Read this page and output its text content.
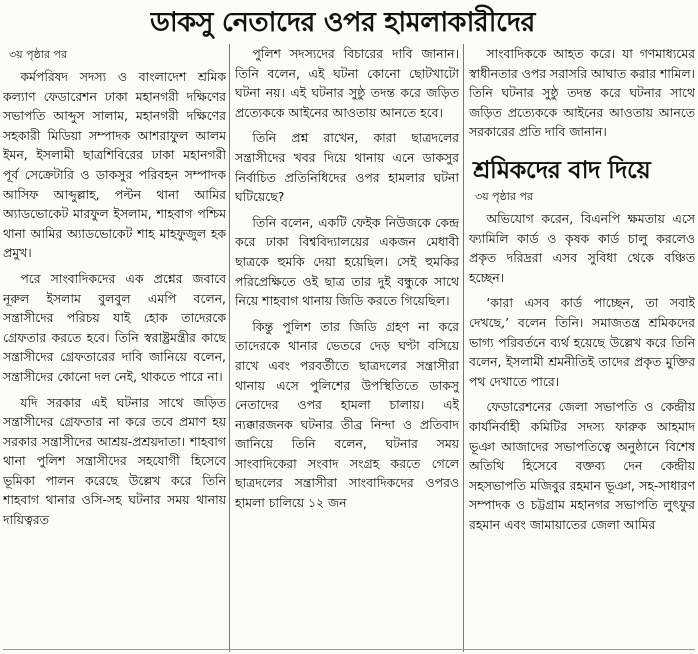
ডাকসু নেতাদের ওপর হামলাকারীদের
৩য় পৃষ্ঠার পর

কর্মপরিষদ সদস্য ও বাংলাদেশ শ্রমিক কল্যাণ ফেডারেশন ঢাকা মহানগরী দক্ষিণের সভাপতি আব্দুস সালাম, মহানগরী দক্ষিণের সহকারী মিডিয়া সম্পাদক আশরাফুল আলম ইমন, ইসলামী ছাত্রশিবিরের ঢাকা মহানগরী পূর্ব সেক্রেটারি ও ডাকসুর পরিবহন সম্পাদক আসিফ আব্দুল্লাহ, পল্টন থানা আমির অ্যাডভোকেট মারফুল ইসলাম, শাহবাগ পশ্চিম থানা আমির অ্যাডভোকেট শাহ মাহফুজুল হক প্রমুখ।

পরে সাংবাদিকদের এক প্রশ্নের জবাবে নূরুল ইসলাম বুলবুল এমপি বলেন, সন্ত্রাসীদের পরিচয় যাই হোক তাদেরকে গ্রেফতার করতে হবে। তিনি স্বরাষ্ট্রমন্ত্রীর কাছে সন্ত্রাসীদের গ্রেফতারের দাবি জানিয়ে বলেন, সন্ত্রাসীদের কোনো দল নেই, থাকতে পারে না।

যদি সরকার এই ঘটনার সাথে জড়িত সন্ত্রাসীদের গ্রেফতার না করে তবে প্রমাণ হয় সরকার সন্ত্রাসীদের আশ্রয়-প্রশ্রয়দাতা। শাহবাগ থানা পুলিশ সন্ত্রাসীদের সহযোগী হিসেবে ভূমিকা পালন করেছে উল্লেখ করে তিনি শাহবাগ থানার ওসি-সহ ঘটনার সময় থানায় দায়িত্বরত

পুলিশ সদস্যদের বিচারের দাবি জানান। তিনি বলেন, এই ঘটনা কোনো ছোটখাটো ঘটনা নয়। এই ঘটনার সুষ্ঠু তদন্ত করে জড়িত প্রত্যেককে আইনের আওতায় আনতে হবে।

তিনি প্রশ্ন রাখেন, কারা ছাত্রদলের সন্ত্রাসীদের খবর দিয়ে থানায় এনে ডাকসুর নির্বাচিত প্রতিনিধিদের ওপর হামলার ঘটনা ঘটিয়েছে?

তিনি বলেন, একটি ফেইক নিউজকে কেন্দ্র করে ঢাকা বিশ্ববিদ্যালয়ের একজন মেধাবী ছাত্রকে হুমকি দেয়া হয়েছিল। সেই হুমকির পরিপ্রেক্ষিতে ওই ছাত্র তার দুই বন্ধুকে সাথে নিয়ে শাহবাগ থানায় জিডি করতে গিয়েছিল।

কিন্তু পুলিশ তার জিডি গ্রহণ না করে তাদেরকে থানার ভেতরে দেড় ঘণ্টা বসিয়ে রাখে এবং পরবর্তীতে ছাত্রদলের সন্ত্রাসীরা থানায় এসে পুলিশের উপস্থিতিতে ডাকসু নেতাদের ওপর হামলা চালায়। এই ন্যক্কারজনক ঘটনার তীব্র নিন্দা ও প্রতিবাদ জানিয়ে তিনি বলেন, ঘটনার সময় সাংবাদিকেরা সংবাদ সংগ্রহ করতে গেলে ছাত্রদলের সন্ত্রাসীরা সাংবাদিকদের ওপরও হামলা চালিয়ে ১২ জন

সাংবাদিককে আহত করে। যা গণমাধ্যমের স্বাধীনতার ওপর সরাসরি আঘাত করার শামিল। তিনি ঘটনার সুষ্ঠু তদন্ত করে ঘটনার সাথে জড়িত প্রত্যেককে আইনের আওতায় আনতে সরকারের প্রতি দাবি জানান।

শ্রমিকদের বাদ দিয়ে
৩য় পৃষ্ঠার পর

অভিযোগ করেন, বিএনপি ক্ষমতায় এসে ফ্যামিলি কার্ড ও কৃষক কার্ড চালু করলেও প্রকৃত দরিদ্ররা এসব সুবিধা থেকে বঞ্চিত হচ্ছেন।

‘কারা এসব কার্ড পাচ্ছেন, তা সবাই দেখছে,’ বলেন তিনি। সমাজতন্ত্র শ্রমিকদের ভাগ্য পরিবর্তনে ব্যর্থ হয়েছে উল্লেখ করে তিনি বলেন, ইসলামী শ্রমনীতিই তাদের প্রকৃত মুক্তির পথ দেখাতে পারে।

ফেডারেশনের জেলা সভাপতি ও কেন্দ্রীয় কার্যনির্বাহী কমিটির সদস্য ফারুক আহমাদ ভূঞা আজাদের সভাপতিত্বে অনুষ্ঠানে বিশেষ অতিথি হিসেবে বক্তব্য দেন কেন্দ্রীয় সহসভাপতি মজিবুর রহমান ভূঞা, সহ-সাধারণ সম্পাদক ও চট্টগ্রাম মহানগর সভাপতি লুৎফুর রহমান এবং জামায়াতের জেলা আমির
